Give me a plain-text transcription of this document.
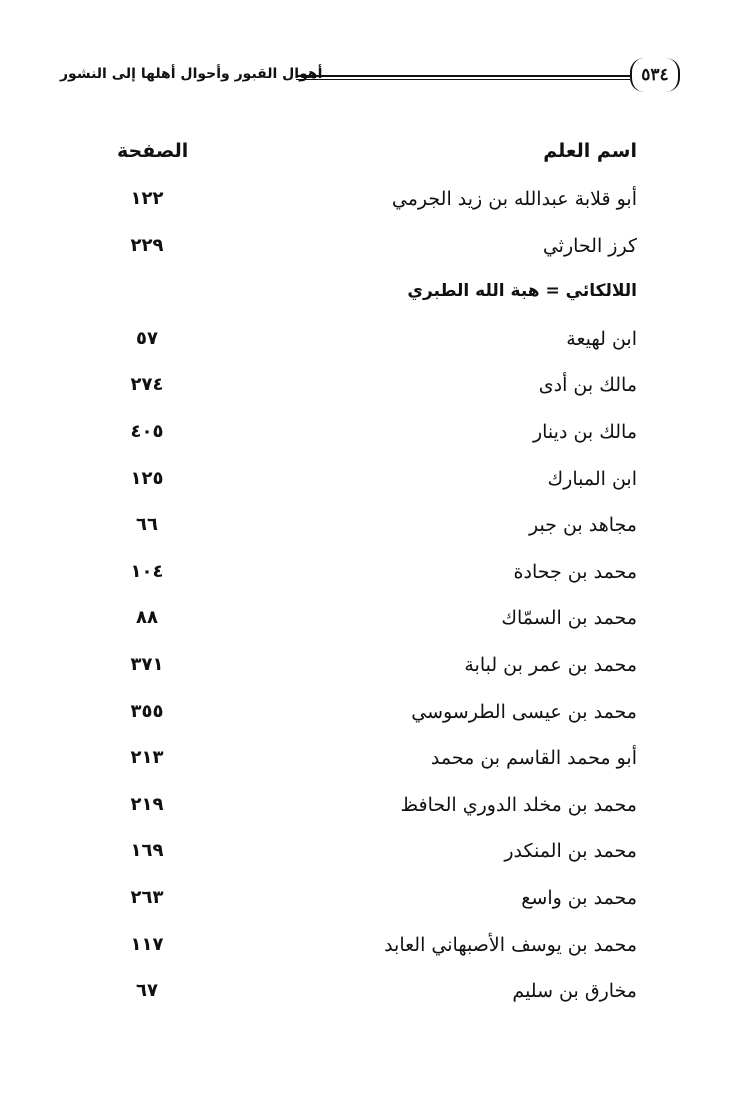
أهوال القبور وأحوال أهلها إلى النشور	٥٣٤
اسم العلم
الصفحة
أبو قلابة عبدالله بن زيد الجرمي
١٢٢
كرز الحارثي
٢٢٩
اللالكائي = هبة الله الطبري
ابن لهيعة
٥٧
مالك بن أدى
٢٧٤
مالك بن دينار
٤٠٥
ابن المبارك
١٢٥
مجاهد بن جبر
٦٦
محمد بن جحادة
١٠٤
محمد بن السمّاك
٨٨
محمد بن عمر بن لبابة
٣٧١
محمد بن عيسى الطرسوسي
٣٥٥
أبو محمد القاسم بن محمد
٢١٣
محمد بن مخلد الدوري الحافظ
٢١٩
محمد بن المنكدر
١٦٩
محمد بن واسع
٢٦٣
محمد بن يوسف الأصبهاني العابد
١١٧
مخارق بن سليم
٦٧
